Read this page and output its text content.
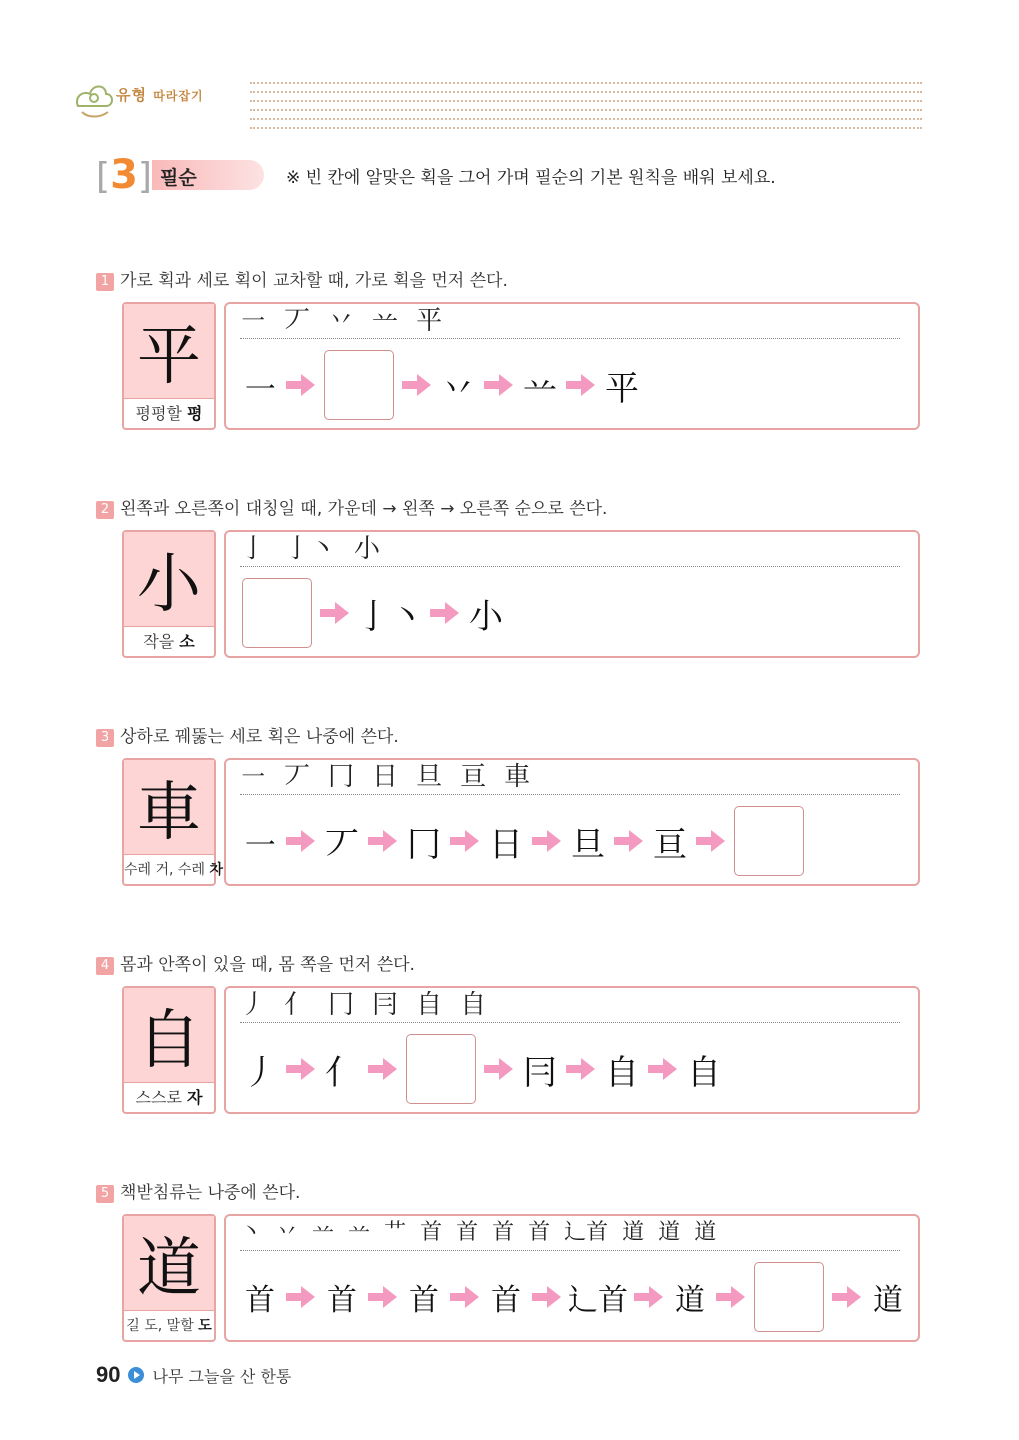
유형 따라잡기
[3] 필순	※ 빈 칸에 알맞은 획을 그어 가며 필순의 기본 원칙을 배워 보세요.
1 가로 획과 세로 획이 교차할 때, 가로 획을 먼저 쓴다.
平
평평할 평
㇐ 丆 丷 䒑 平
㇐	丷 䒑 平
2 왼쪽과 오른쪽이 대칭일 때, 가운데 → 왼쪽 → 오른쪽 순으로 쓴다.
小
작을 소
亅 亅丶 小
亅丶 小
3 상하로 꿰뚫는 세로 획은 나중에 쓴다.
車
수레 거, 수레 차
㇐ 丆 冂 日 旦 亘 車
㇐ 丆 冂 日 旦 亘
4 몸과 안쪽이 있을 때, 몸 쪽을 먼저 쓴다.
自
스스로 자
丿 亻 冂 冃 自 自
丿 亻	冃 自 自
5 책받침류는 나중에 쓴다.
道
길 도, 말할 도
丶 丷 䒑 䒑 艹 首 首 首 首 辶首 道 道 道
首	首	首	首	辶首	道	道
90 나무 그늘을 산 한통
